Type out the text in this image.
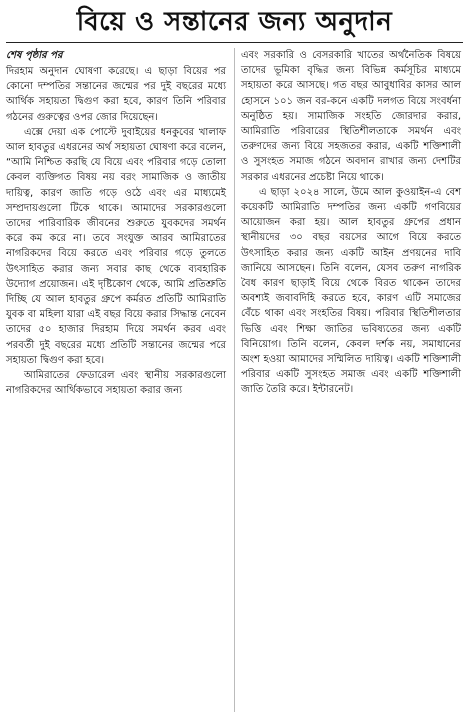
বিয়ে ও সন্তানের জন্য অনুদান
শেষ পৃষ্ঠার পর

দিরহাম অনুদান ঘোষণা করেছে। এ ছাড়া বিয়ের পর কোনো দম্পতির সন্তানের জন্মের পর দুই বছরের মধ্যে আর্থিক সহায়তা দ্বিগুণ করা হবে, কারণ তিনি পরিবার গঠনের গুরুত্বের ওপর জোর দিয়েছেন।

এক্সে দেয়া এক পোস্টে দুবাইয়ের ধনকুবের খালাফ আল হাবতুর এধরনের অর্থ সহায়তা ঘোষণা করে বলেন, “আমি নিশ্চিত করছি যে বিয়ে এবং পরিবার গড়ে তোলা কেবল ব্যক্তিগত বিষয় নয় বরং সামাজিক ও জাতীয় দায়িত্ব, কারণ জাতি গড়ে ওঠে এবং এর মাধ্যমেই সম্প্রদায়গুলো টিকে থাকে। আমাদের সরকারগুলো তাদের পারিবারিক জীবনের শুরুতে যুবকদের সমর্থন করে কম করে না। তবে সংযুক্ত আরব আমিরাতের নাগরিকদের বিয়ে করতে এবং পরিবার গড়ে তুলতে উৎসাহিত করার জন্য সবার কাছ থেকে ব্যবহারিক উদ্যোগ প্রয়োজন। এই দৃষ্টিকোণ থেকে, আমি প্রতিশ্রুতি দিচ্ছি যে আল হাবতুর গ্রুপে কর্মরত প্রতিটি আমিরাতি যুবক বা মহিলা যারা এই বছর বিয়ে করার সিদ্ধান্ত নেবেন তাদের ৫০ হাজার দিরহাম দিয়ে সমর্থন করব এবং পরবর্তী দুই বছরের মধ্যে প্রতিটি সন্তানের জন্মের পরে সহায়তা দ্বিগুণ করা হবে।

আমিরাতের ফেডারেল এবং স্থানীয় সরকারগুলো নাগরিকদের আর্থিকভাবে সহায়তা করার জন্য

এবং সরকারি ও বেসরকারি খাতের অর্থনৈতিক বিষয়ে তাদের ভূমিকা বৃদ্ধির জন্য বিভিন্ন কর্মসূচির মাধ্যমে সহায়তা করে আসছে। গত বছর আবুধাবির কাসর আল হোসনে ১০১ জন বর-কনে একটি দলগত বিয়ে সংবর্ধনা অনুষ্ঠিত হয়। সামাজিক সংহতি জোরদার করার, আমিরাতি পরিবারের স্থিতিশীলতাকে সমর্থন এবং তরুণদের জন্য বিয়ে সহজতর করার, একটি শক্তিশালী ও সুসংহত সমাজ গঠনে অবদান রাখার জন্য দেশটির সরকার এধরনের প্রচেষ্টা নিয়ে থাকে।

এ ছাড়া ২০২৪ সালে, উমে আল কুওয়াইন-এ বেশ কয়েকটি আমিরাতি দম্পতির জন্য একটি গণবিয়ের আয়োজন করা হয়। আল হাবতুর গ্রুপের প্রধান স্থানীয়দের ৩০ বছর বয়সের আগে বিয়ে করতে উৎসাহিত করার জন্য একটি আইন প্রণয়নের দাবি জানিয়ে আসছেন। তিনি বলেন, যেসব তরুণ নাগরিক বৈধ কারণ ছাড়াই বিয়ে থেকে বিরত থাকেন তাদের অবশ্যই জবাবদিহি করতে হবে, কারণ এটি সমাজের বেঁচে থাকা এবং সংহতির বিষয়। পরিবার স্থিতিশীলতার ভিত্তি এবং শিক্ষা জাতির ভবিষ্যতের জন্য একটি বিনিয়োগ। তিনি বলেন, কেবল দর্শক নয়, সমাধানের অংশ হওয়া আমাদের সম্মিলিত দায়িত্ব। একটি শক্তিশালী পরিবার একটি সুসংহত সমাজ এবং একটি শক্তিশালী জাতি তৈরি করে। ইন্টারনেট।
